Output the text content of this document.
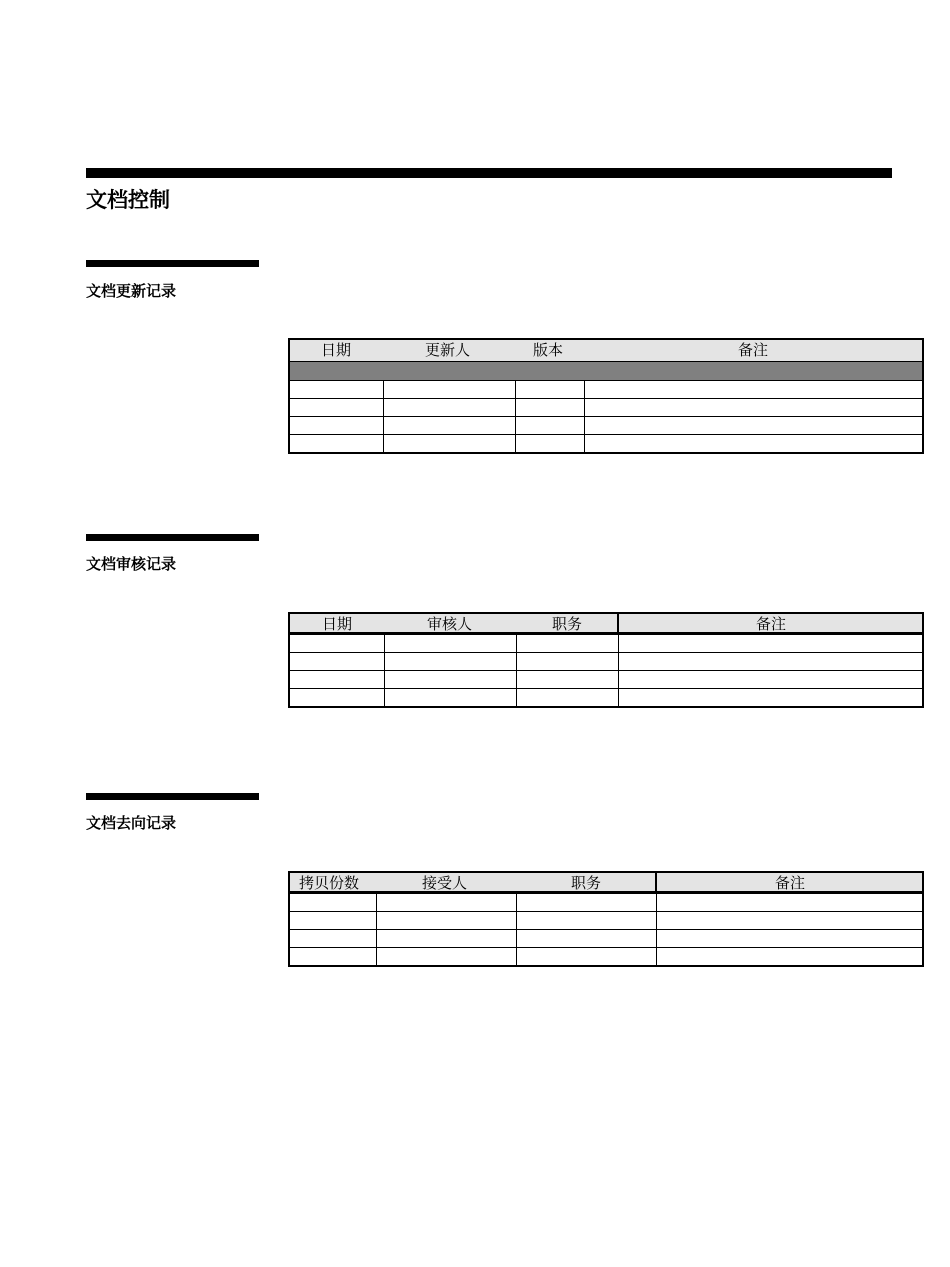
文档控制
文档更新记录
日期	更新人	版本	备注
文档审核记录
日期	审核人	职务	备注
文档去向记录
拷贝份数	接受人	职务	备注
